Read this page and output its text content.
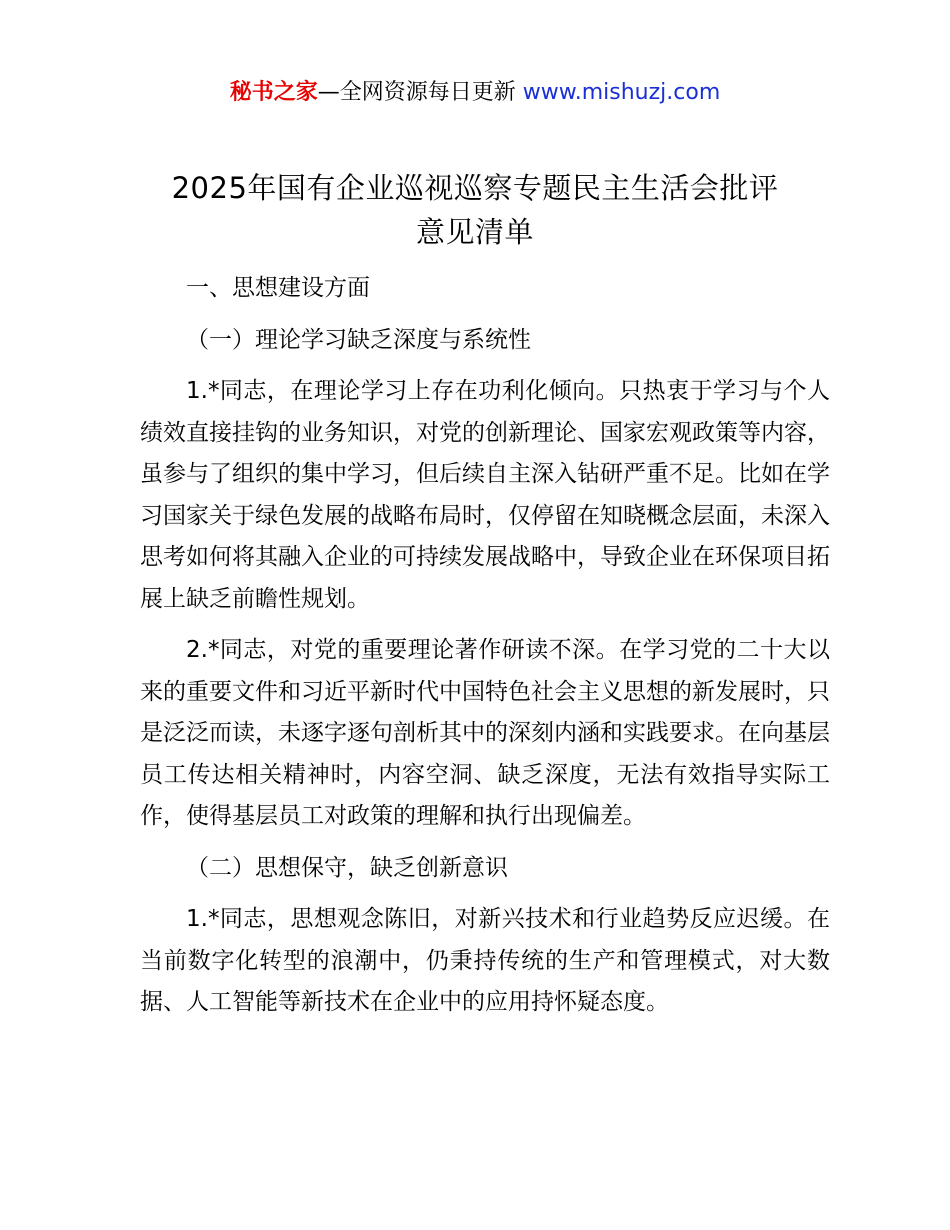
秘书之家—全网资源每日更新 www.mishuzj.com
2025年国有企业巡视巡察专题民主生活会批评
意见清单

一、思想建设方面

（一）理论学习缺乏深度与系统性

1.*同志，在理论学习上存在功利化倾向。只热衷于学习与个人绩效直接挂钩的业务知识，对党的创新理论、国家宏观政策等内容，虽参与了组织的集中学习，但后续自主深入钻研严重不足。比如在学习国家关于绿色发展的战略布局时，仅停留在知晓概念层面，未深入思考如何将其融入企业的可持续发展战略中，导致企业在环保项目拓展上缺乏前瞻性规划。

2.*同志，对党的重要理论著作研读不深。在学习党的二十大以来的重要文件和习近平新时代中国特色社会主义思想的新发展时，只是泛泛而读，未逐字逐句剖析其中的深刻内涵和实践要求。在向基层员工传达相关精神时，内容空洞、缺乏深度，无法有效指导实际工作，使得基层员工对政策的理解和执行出现偏差。

（二）思想保守，缺乏创新意识

1.*同志，思想观念陈旧，对新兴技术和行业趋势反应迟缓。在当前数字化转型的浪潮中，仍秉持传统的生产和管理模式，对大数据、人工智能等新技术在企业中的应用持怀疑态度。
